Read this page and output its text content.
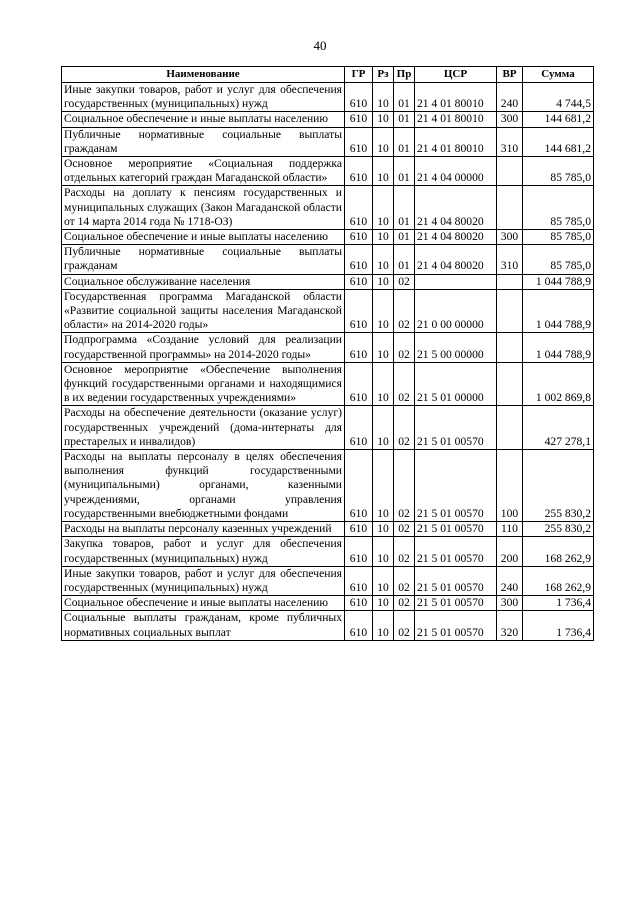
40
Наименование	ГР	Рз	Пр	ЦСР	ВР	Сумма
Иные закупки товаров, работ и услуг для обеспечения государственных (муниципальных) нужд	610	10	01	21 4 01 80010	240	4 744,5
Социальное обеспечение и иные выплаты населению	610	10	01	21 4 01 80010	300	144 681,2
Публичные нормативные социальные выплаты гражданам	610	10	01	21 4 01 80010	310	144 681,2
Основное мероприятие «Социальная поддержка отдельных категорий граждан Магаданской области»	610	10	01	21 4 04 00000		85 785,0
Расходы на доплату к пенсиям государственных и муниципальных служащих (Закон Магаданской области от 14 марта 2014 года № 1718-ОЗ)	610	10	01	21 4 04 80020		85 785,0
Социальное обеспечение и иные выплаты населению	610	10	01	21 4 04 80020	300	85 785,0
Публичные нормативные социальные выплаты гражданам	610	10	01	21 4 04 80020	310	85 785,0
Социальное обслуживание населения	610	10	02			1 044 788,9
Государственная программа Магаданской области «Развитие социальной защиты населения Магаданской области» на 2014-2020 годы»	610	10	02	21 0 00 00000		1 044 788,9
Подпрограмма «Создание условий для реализации государственной программы» на 2014-2020 годы»	610	10	02	21 5 00 00000		1 044 788,9
Основное мероприятие «Обеспечение выполнения функций государственными органами и находящимися в их ведении государственных учреждениями»	610	10	02	21 5 01 00000		1 002 869,8
Расходы на обеспечение деятельности (оказание услуг) государственных учреждений (дома-интернаты для престарелых и инвалидов)	610	10	02	21 5 01 00570		427 278,1
Расходы на выплаты персоналу в целях обеспечения выполнения функций государственными (муниципальными) органами, казенными учреждениями, органами управления государственными внебюджетными фондами	610	10	02	21 5 01 00570	100	255 830,2
Расходы на выплаты персоналу казенных учреждений	610	10	02	21 5 01 00570	110	255 830,2
Закупка товаров, работ и услуг для обеспечения государственных (муниципальных) нужд	610	10	02	21 5 01 00570	200	168 262,9
Иные закупки товаров, работ и услуг для обеспечения государственных (муниципальных) нужд	610	10	02	21 5 01 00570	240	168 262,9
Социальное обеспечение и иные выплаты населению	610	10	02	21 5 01 00570	300	1 736,4
Социальные выплаты гражданам, кроме публичных нормативных социальных выплат	610	10	02	21 5 01 00570	320	1 736,4
